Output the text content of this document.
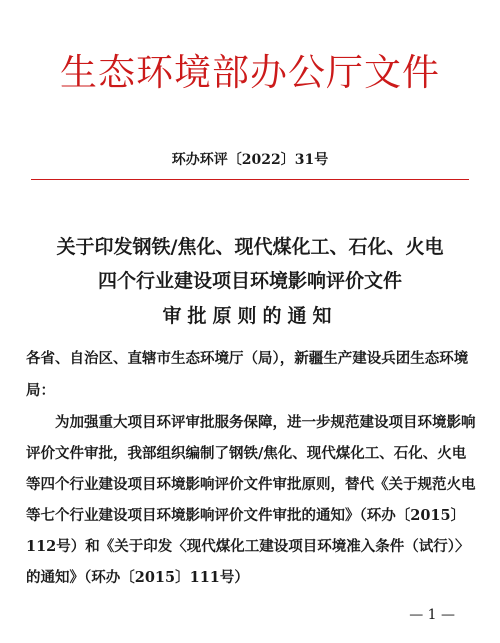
生态环境部办公厅文件
环办环评〔2022〕31号
关于印发钢铁/焦化、现代煤化工、石化、火电
四个行业建设项目环境影响评价文件
审批原则的通知
各省、自治区、直辖市生态环境厅（局），新疆生产建设兵团生态环境局：
为加强重大项目环评审批服务保障，进一步规范建设项目环境影响评价文件审批，我部组织编制了钢铁/焦化、现代煤化工、石化、火电等四个行业建设项目环境影响评价文件审批原则，替代《关于规范火电等七个行业建设项目环境影响评价文件审批的通知》（环办〔2015〕112号）和《关于印发〈现代煤化工建设项目环境准入条件（试行）〉的通知》（环办〔2015〕111号）
— 1 —
